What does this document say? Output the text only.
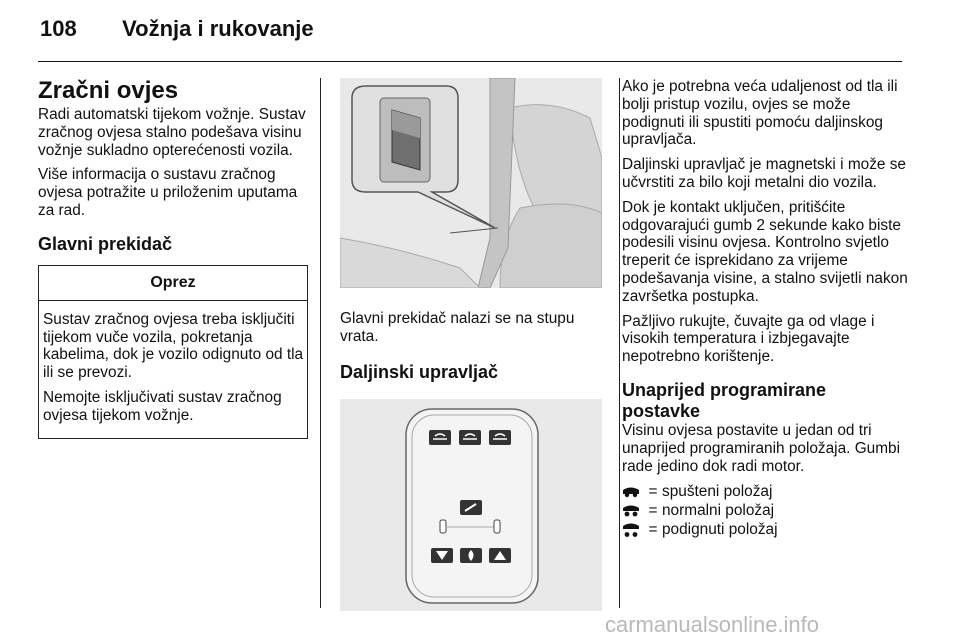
108 Vožnja i rukovanje
Zračni ovjes

Radi automatski tijekom vožnje. Sustav zračnog ovjesa stalno podešava visinu vožnje sukladno opterećenosti vozila.

Više informacija o sustavu zračnog ovjesa potražite u priloženim uputama za rad.

Glavni prekidač
Oprez

Sustav zračnog ovjesa treba isključiti tijekom vuče vozila, pokretanja kabelima, dok je vozilo odignuto od tla ili se prevozi.

Nemojte isključivati sustav zračnog ovjesa tijekom vožnje.

Glavni prekidač nalazi se na stupu vrata.

Daljinski upravljač

Ako je potrebna veća udaljenost od tla ili bolji pristup vozilu, ovjes se može podignuti ili spustiti pomoću daljinskog upravljača.

Daljinski upravljač je magnetski i može se učvrstiti za bilo koji metalni dio vozila.

Dok je kontakt uključen, pritišćite odgovarajući gumb 2 sekunde kako biste podesili visinu ovjesa. Kontrolno svjetlo treperit će isprekidano za vrijeme podešavanja visine, a stalno svijetli nakon završetka postupka.

Pažljivo rukujte, čuvajte ga od vlage i visokih temperatura i izbjegavajte nepotrebno korištenje.

Unaprijed programirane postavke

Visinu ovjesa postavite u jedan od tri unaprijed programiranih položaja. Gumbi rade jedino dok radi motor.

= spušteni položaj
= normalni položaj
= podignuti položaj
carmanualsonline.info
